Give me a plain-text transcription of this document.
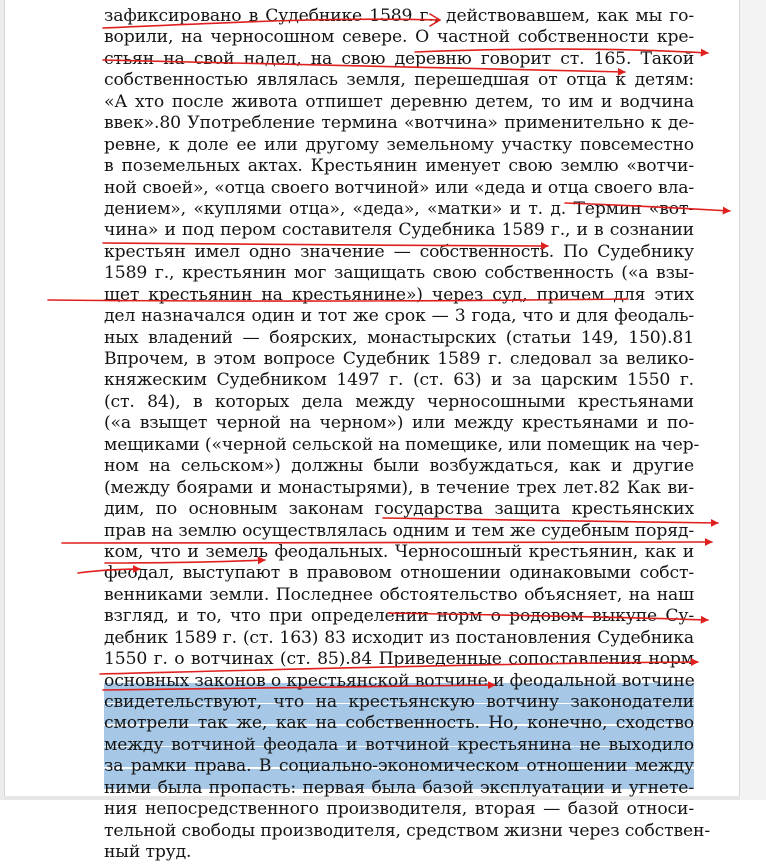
зафиксировано в Судебнике 1589 г., действовавшем, как мы го-
ворили, на черносошном севере. О частной собственности кре-
стьян на свой надел, на свою деревню говорит ст. 165. Такой
собственностью являлась земля, перешедшая от отца к детям:
«А хто после живота отпишет деревню детем, то им и водчина
ввек».80 Употребление термина «вотчина» применительно к де-
ревне, к доле ее или другому земельному участку повсеместно
в поземельных актах. Крестьянин именует свою землю «вотчи-
ной своей», «отца своего вотчиной» или «деда и отца своего вла-
дением», «куплями отца», «деда», «матки» и т. д. Термин «вот-
чина» и под пером составителя Судебника 1589 г., и в сознании
крестьян имел одно значение — собственность. По Судебнику
1589 г., крестьянин мог защищать свою собственность («а взы-
щет крестьянин на крестьянине») через суд, причем для этих
дел назначался один и тот же срок — 3 года, что и для феодаль-
ных владений — боярских, монастырских (статьи 149, 150).81
Впрочем, в этом вопросе Судебник 1589 г. следовал за велико-
княжеским Судебником 1497 г. (ст. 63) и за царским 1550 г.
(ст. 84), в которых дела между черносошными крестьянами
(«а взыщет черной на черном») или между крестьянами и по-
мещиками («черной сельской на помещике, или помещик на чер-
ном на сельском») должны были возбуждаться, как и другие
(между боярами и монастырями), в течение трех лет.82 Как ви-
дим, по основным законам государства защита крестьянских
прав на землю осуществлялась одним и тем же судебным поряд-
ком, что и земель феодальных. Черносошный крестьянин, как и
феодал, выступают в правовом отношении одинаковыми собст-
венниками земли. Последнее обстоятельство объясняет, на наш
взгляд, и то, что при определении норм о родовом выкупе Су-
дебник 1589 г. (ст. 163) 83 исходит из постановления Судебника
1550 г. о вотчинах (ст. 85).84 Приведенные сопоставления норм
основных законов о крестьянской вотчине и феодальной вотчине
свидетельствуют, что на крестьянскую вотчину законодатели
смотрели так же, как на собственность. Но, конечно, сходство
между вотчиной феодала и вотчиной крестьянина не выходило
за рамки права. В социально-экономическом отношении между
ними была пропасть: первая была базой эксплуатации и угнете-
ния непосредственного производителя, вторая — базой относи-
тельной свободы производителя, средством жизни через собствен-
ный труд.
